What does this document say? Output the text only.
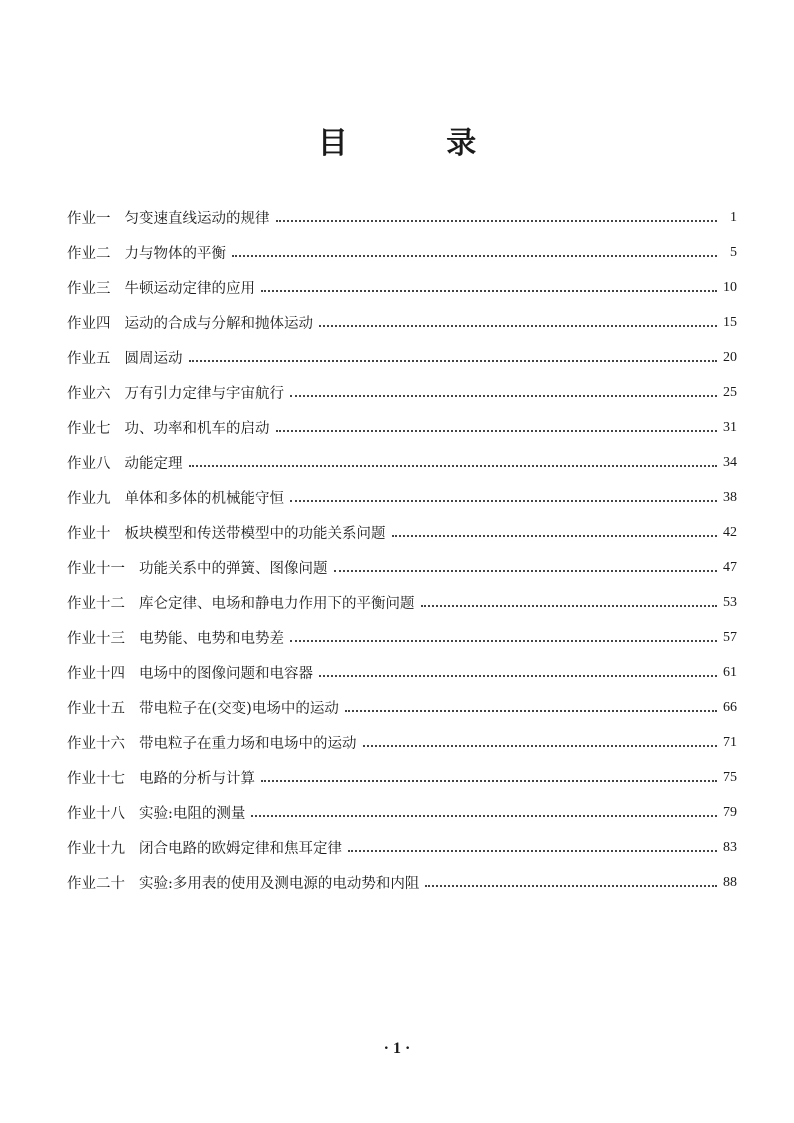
目 录
作业一 匀变速直线运动的规律	1
作业二 力与物体的平衡	5
作业三 牛顿运动定律的应用	10
作业四 运动的合成与分解和抛体运动	15
作业五 圆周运动	20
作业六 万有引力定律与宇宙航行	25
作业七 功、功率和机车的启动	31
作业八 动能定理	34
作业九 单体和多体的机械能守恒	38
作业十 板块模型和传送带模型中的功能关系问题	42
作业十一 功能关系中的弹簧、图像问题	47
作业十二 库仑定律、电场和静电力作用下的平衡问题	53
作业十三 电势能、电势和电势差	57
作业十四 电场中的图像问题和电容器	61
作业十五 带电粒子在(交变)电场中的运动	66
作业十六 带电粒子在重力场和电场中的运动	71
作业十七 电路的分析与计算	75
作业十八 实验:电阻的测量	79
作业十九 闭合电路的欧姆定律和焦耳定律	83
作业二十 实验:多用表的使用及测电源的电动势和内阻	88
· 1 ·
